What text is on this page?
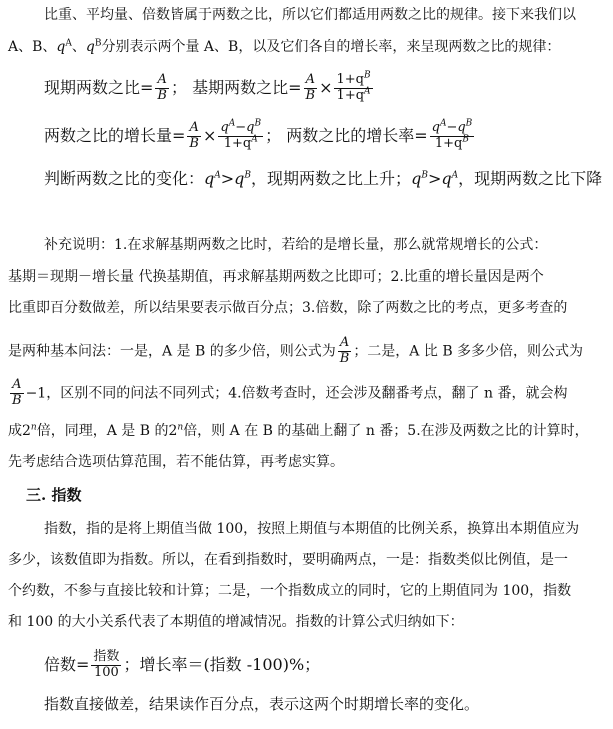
比重、平均量、倍数皆属于两数之比，所以它们都适用两数之比的规律。接下来我们以
A、B、$q^A$、$q^B$分别表示两个量 A、B，以及它们各自的增长率，来呈现两数之比的规律：
现期两数之比= $\frac{A}{B}$ ； 基期两数之比= $\frac{A}{B} \times \frac{1+q^B}{1+q^A}$
两数之比的增长量= $\frac{A}{B} \times \frac{q^A-q^B}{1+q^A}$ ； 两数之比的增长率= $\frac{q^A-q^B}{1+q^B}$
判断两数之比的变化：$q^A>q^B$，现期两数之比上升；$q^B>q^A$，现期两数之比下降
补充说明：1.在求解基期两数之比时，若给的是增长量，那么就常规增长的公式：
基期＝现期－增长量 代换基期值，再求解基期两数之比即可；2.比重的增长量因是两个
比重即百分数做差，所以结果要表示做百分点；3.倍数，除了两数之比的考点，更多考查的
是两种基本问法：一是，A 是 B 的多少倍，则公式为 $\frac{A}{B}$ ；二是，A 比 B 多多少倍，则公式为
$\frac{A}{B} -1$，区别不同的问法不同列式；4.倍数考查时，还会涉及翻番考点，翻了 n 番，就会构
成2$^n$倍，同理，A 是 B 的2$^n$倍，则 A 在 B 的基础上翻了 n 番；5.在涉及两数之比的计算时，
先考虑结合选项估算范围，若不能估算，再考虑实算。
三. 指数
指数，指的是将上期值当做 100，按照上期值与本期值的比例关系，换算出本期值应为
多少，该数值即为指数。所以，在看到指数时，要明确两点，一是：指数类似比例值，是一
个约数，不参与直接比较和计算；二是，一个指数成立的同时，它的上期值同为 100，指数
和 100 的大小关系代表了本期值的增减情况。指数的计算公式归纳如下：
倍数= $\frac{\text{指数}}{100}$ ；增长率＝(指数 -100)%；
指数直接做差，结果读作百分点，表示这两个时期增长率的变化。
